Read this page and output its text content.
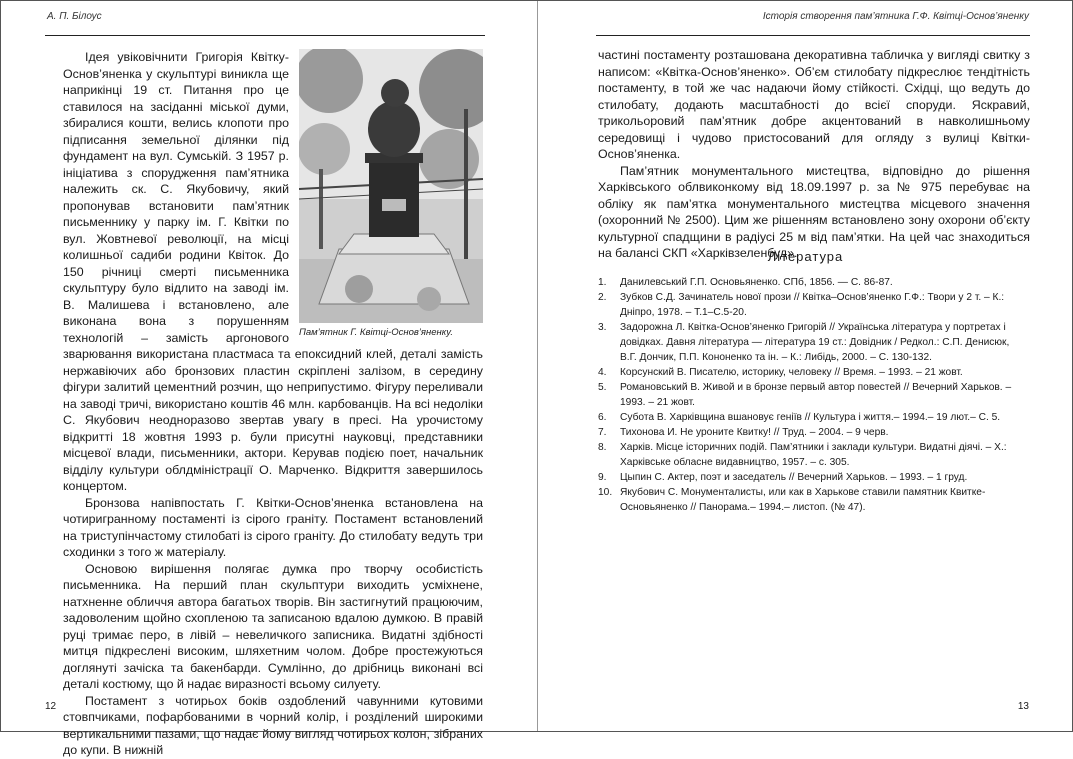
А. П. Білоус
Пам’ятник Г. Квітці-Основ’яненку.

Ідея увіковічнити Григорія Квітку-Основ’яненка у скульптурі виникла ще наприкінці 19 ст. Питання про це ставилося на засіданні міської думи, збиралися кошти, велись клопоти про підписання земельної ділянки під фундамент на вул. Сумській. З 1957 р. ініціатива з спорудження пам’ятника належить ск. С. Якубовичу, який пропонував встановити пам’ятник письменнику у парку ім. Г. Квітки по вул. Жовтневої революції, на місці колишньої садиби родини Квіток. До 150 річниці смерті письменника скульптуру було відлито на заводі ім. В. Малишева і встановлено, але виконана вона з порушенням технологій – замість аргонового зварювання використана пластмаса та епоксидний клей, деталі замість нержавіючих або бронзових пластин скріплені залізом, в середину фігури залитий цементний розчин, що неприпустимо. Фігуру переливали на заводі тричі, використано коштів 46 млн. карбованців. На всі недоліки С. Якубович неодноразово звертав увагу в пресі. На урочистому відкритті 18 жовтня 1993 р. були присутні науковці, представники місцевої влади, письменники, актори. Керував подією поет, начальник відділу культури облдміністрації О. Марченко. Відкриття завершилось концертом.

Бронзова напівпостать Г. Квітки-Основ’яненка встановлена на чотиригранному постаменті із сірого граніту. Постамент встановлений на триступінчастому стилобаті із сірого граніту. До стилобату ведуть три сходинки з того ж матеріалу.

Основою вирішення полягає думка про творчу особистість письменника. На перший план скульптури виходить усміхнене, натхненне обличчя автора багатьох творів. Він застигнутий працюючим, задоволеним щойно схопленою та записаною вдалою думкою. В правій руці тримає перо, в лівій – невеличкого записника. Видатні здібності митця підкреслені високим, шляхетним чолом. Добре простежуються доглянуті зачіска та бакенбарди. Сумлінно, до дрібниць виконані всі деталі костюму, що й надає виразності всьому силуету.

Постамент з чотирьох боків оздоблений чавунними кутовими стовпчиками, пофарбованими в чорний колір, і розділений широкими вертикальними пазами, що надає йому вигляд чотирьох колон, зібраних до купи. В нижній

12
Історія створення пам’ятника Г.Ф. Квітці-Основ’яненку

частині постаменту розташована декоративна табличка у вигляді свитку з написом: «Квітка-Основ’яненко». Об’єм стилобату підкреслює тендітність постаменту, в той же час надаючи йому стійкості. Східці, що ведуть до стилобату, додають масштабності до всієї споруди. Яскравий, трикольоровий пам’ятник добре акцентований в навколишньому середовищі і чудово пристосований для огляду з вулиці Квітки-Основ’яненка.

Пам’ятник монументального мистецтва, відповідно до рішення Харківського облвиконкому від 18.09.1997 р. за № 975 перебуває на обліку як пам’ятка монументального мистецтва місцевого значення (охоронний № 2500). Цим же рішенням встановлено зону охорони об’єкту культурної спадщини в радіусі 25 м від пам’ятки. На цей час знаходиться на балансі СКП «Харківзеленбуд».

Література
1. Данилевський Г.П. Основьяненко. СПб, 1856. — С. 86-87.
2. Зубков С.Д. Зачинатель нової прози // Квітка–Основ’яненко Г.Ф.: Твори у 2 т. – К.: Дніпро, 1978. – Т.1–С.5-20.
3. Задорожна Л. Квітка-Основ’яненко Григорій // Українська література у портретах і довідках. Давня література — література 19 ст.: Довідник / Редкол.: С.П. Денисюк, В.Г. Дончик, П.П. Кононенко та ін. – К.: Либідь, 2000. – С. 130-132.
4. Корсунский В. Писателю, историку, человеку // Время. – 1993. – 21 жовт.
5. Романовський В. Живой и в бронзе первый автор повестей // Вечерний Харьков. – 1993. – 21 жовт.
6. Субота В. Харківщина вшановує геніїв // Культура і життя.– 1994.– 19 лют.– С. 5.
7. Тихонова И. Не уроните Квитку! // Труд. – 2004. – 9 черв.
8. Харків. Місце історичних подій. Пам’ятники і заклади культури. Видатні діячі. – Х.: Харківське обласне видавництво, 1957. – с. 305.
9. Цыпин С. Актер, поэт и заседатель // Вечерний Харьков. – 1993. – 1 груд.
10. Якубович С. Монументалисты, или как в Харькове ставили памятник Квитке-Основьяненко // Панорама.– 1994.– листоп. (№ 47).
13
